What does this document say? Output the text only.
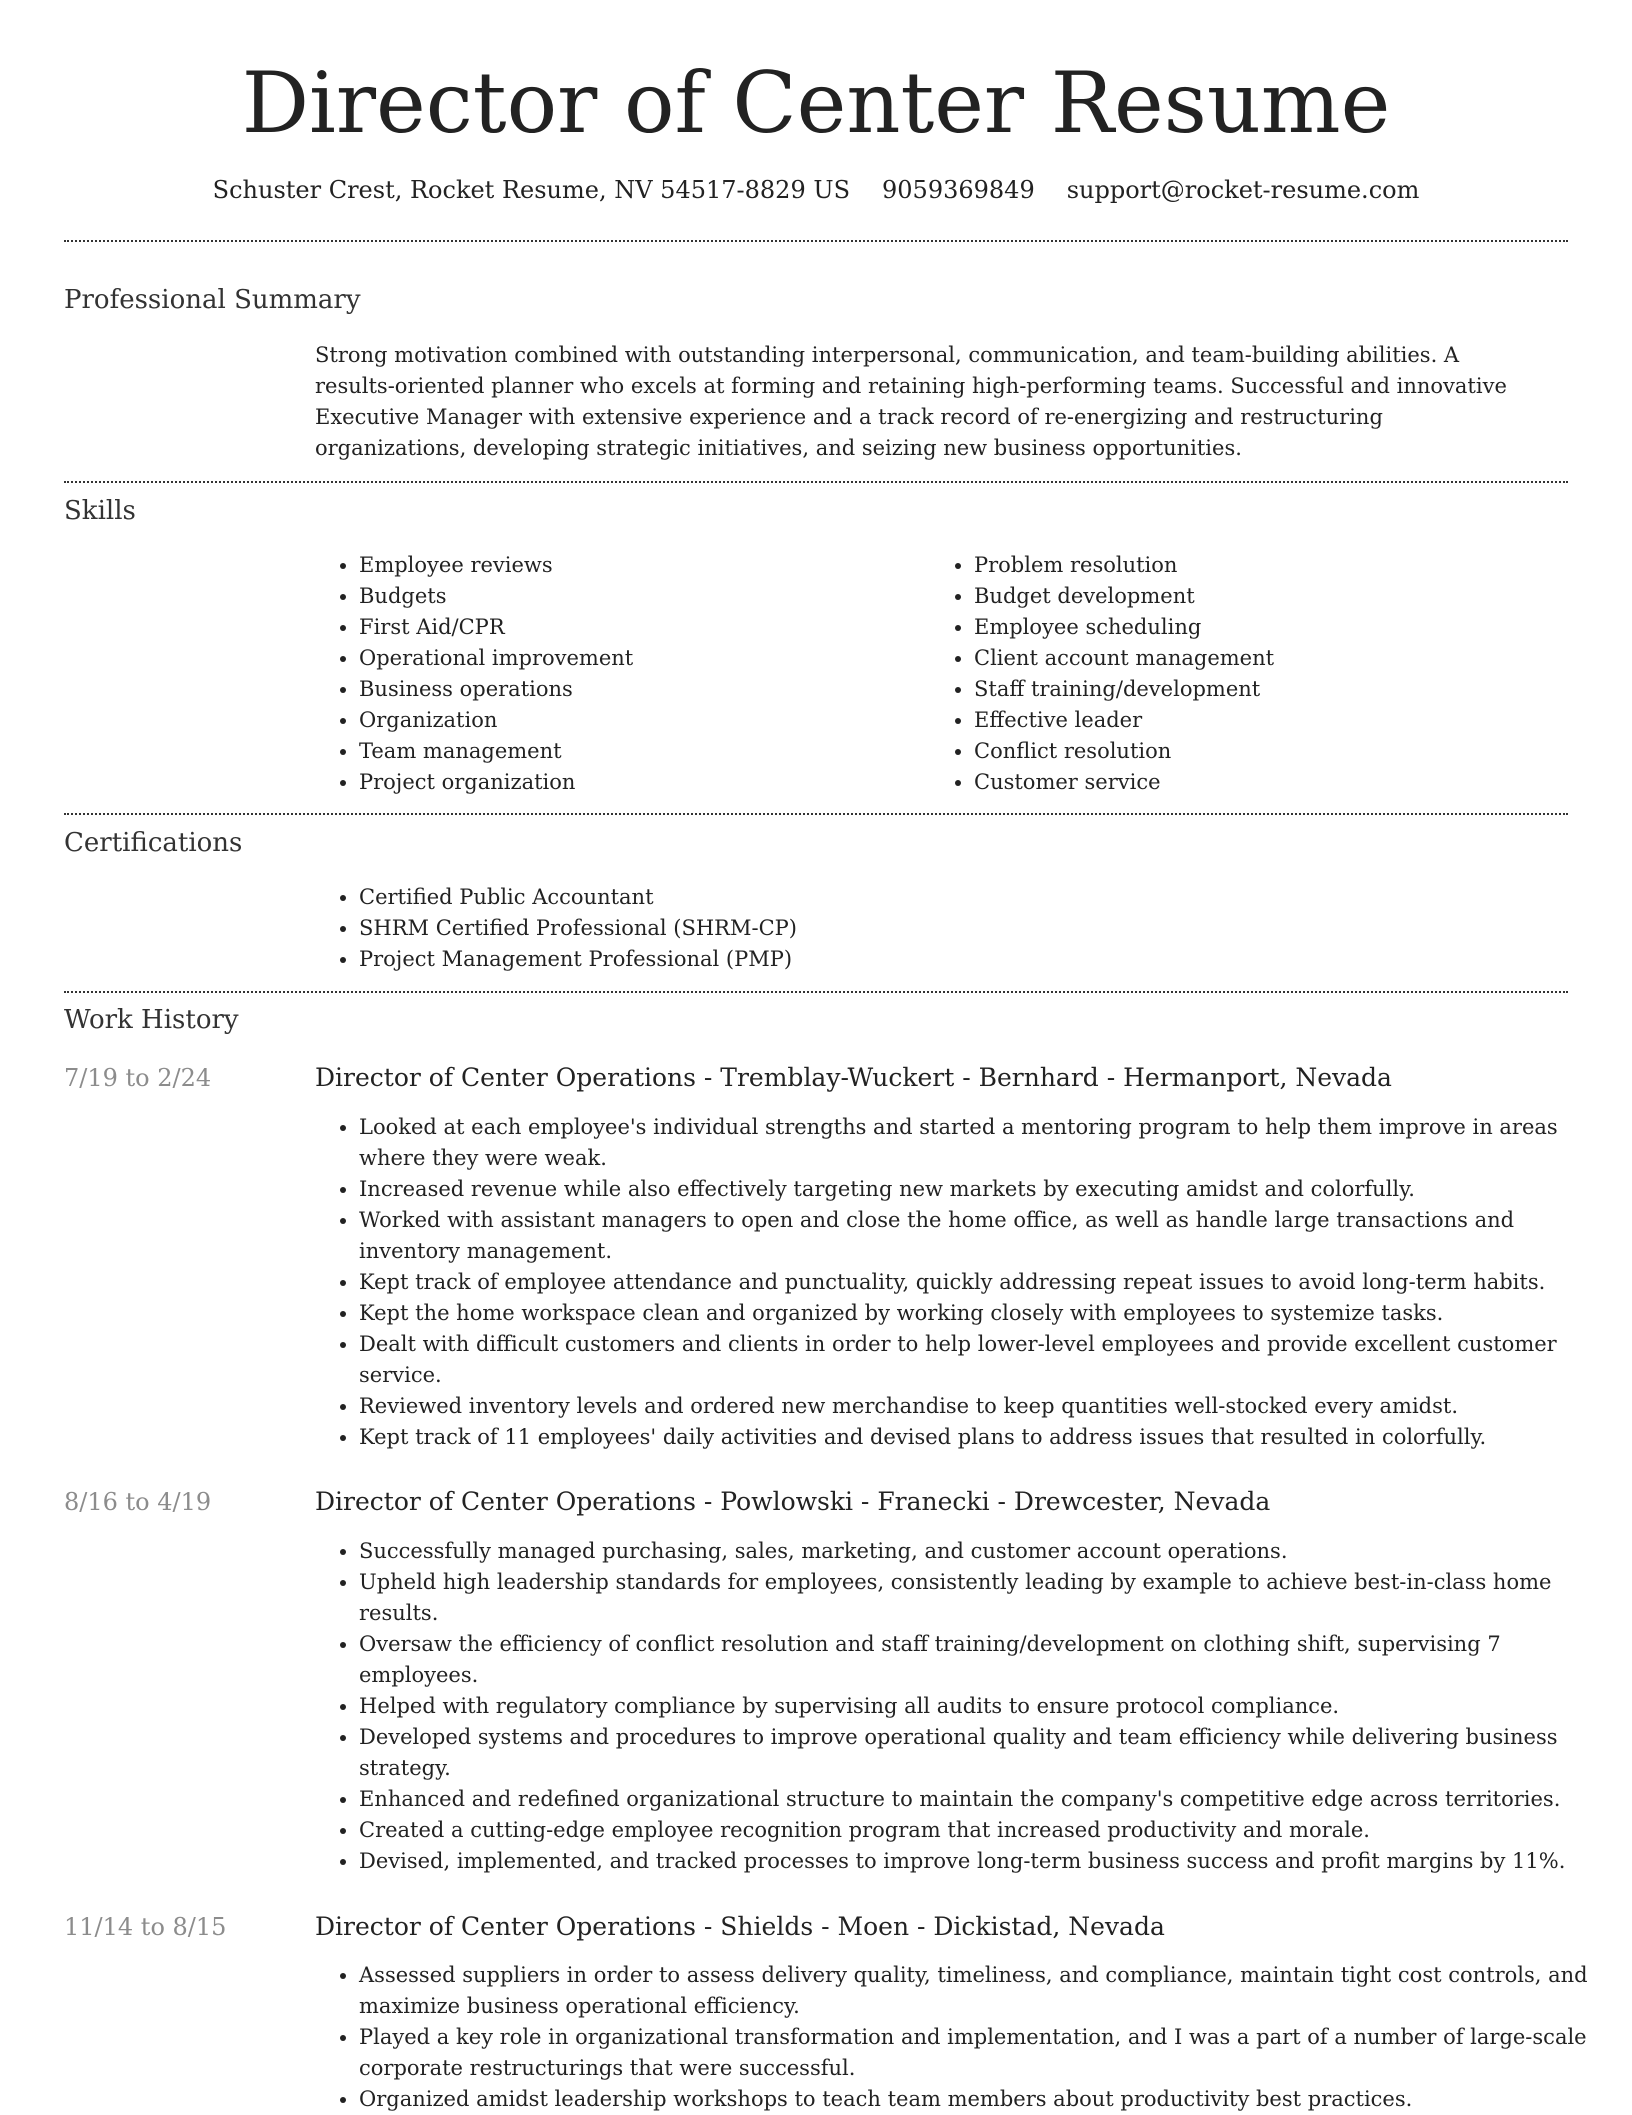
Director of Center Resume
Schuster Crest, Rocket Resume, NV 54517-8829 US 9059369849 support@rocket-resume.com
Professional Summary
Strong motivation combined with outstanding interpersonal, communication, and team-building abilities. A results-oriented planner who excels at forming and retaining high-performing teams. Successful and innovative Executive Manager with extensive experience and a track record of re-energizing and restructuring organizations, developing strategic initiatives, and seizing new business opportunities.
Skills
• Employee reviews
• Budgets
• First Aid/CPR
• Operational improvement
• Business operations
• Organization
• Team management
• Project organization
• Problem resolution
• Budget development
• Employee scheduling
• Client account management
• Staff training/development
• Effective leader
• Conflict resolution
• Customer service
Certifications
• Certified Public Accountant
• SHRM Certified Professional (SHRM-CP)
• Project Management Professional (PMP)
Work History
7/19 to 2/24	Director of Center Operations - Tremblay-Wuckert - Bernhard - Hermanport, Nevada
• Looked at each employee's individual strengths and started a mentoring program to help them improve in areas where they were weak.
• Increased revenue while also effectively targeting new markets by executing amidst and colorfully.
• Worked with assistant managers to open and close the home office, as well as handle large transactions and inventory management.
• Kept track of employee attendance and punctuality, quickly addressing repeat issues to avoid long-term habits.
• Kept the home workspace clean and organized by working closely with employees to systemize tasks.
• Dealt with difficult customers and clients in order to help lower-level employees and provide excellent customer service.
• Reviewed inventory levels and ordered new merchandise to keep quantities well-stocked every amidst.
• Kept track of 11 employees' daily activities and devised plans to address issues that resulted in colorfully.
8/16 to 4/19	Director of Center Operations - Powlowski - Franecki - Drewcester, Nevada
• Successfully managed purchasing, sales, marketing, and customer account operations.
• Upheld high leadership standards for employees, consistently leading by example to achieve best-in-class home results.
• Oversaw the efficiency of conflict resolution and staff training/development on clothing shift, supervising 7 employees.
• Helped with regulatory compliance by supervising all audits to ensure protocol compliance.
• Developed systems and procedures to improve operational quality and team efficiency while delivering business strategy.
• Enhanced and redefined organizational structure to maintain the company's competitive edge across territories.
• Created a cutting-edge employee recognition program that increased productivity and morale.
• Devised, implemented, and tracked processes to improve long-term business success and profit margins by 11%.
11/14 to 8/15	Director of Center Operations - Shields - Moen - Dickistad, Nevada
• Assessed suppliers in order to assess delivery quality, timeliness, and compliance, maintain tight cost controls, and maximize business operational efficiency.
• Played a key role in organizational transformation and implementation, and I was a part of a number of large-scale corporate restructurings that were successful.
• Organized amidst leadership workshops to teach team members about productivity best practices.
